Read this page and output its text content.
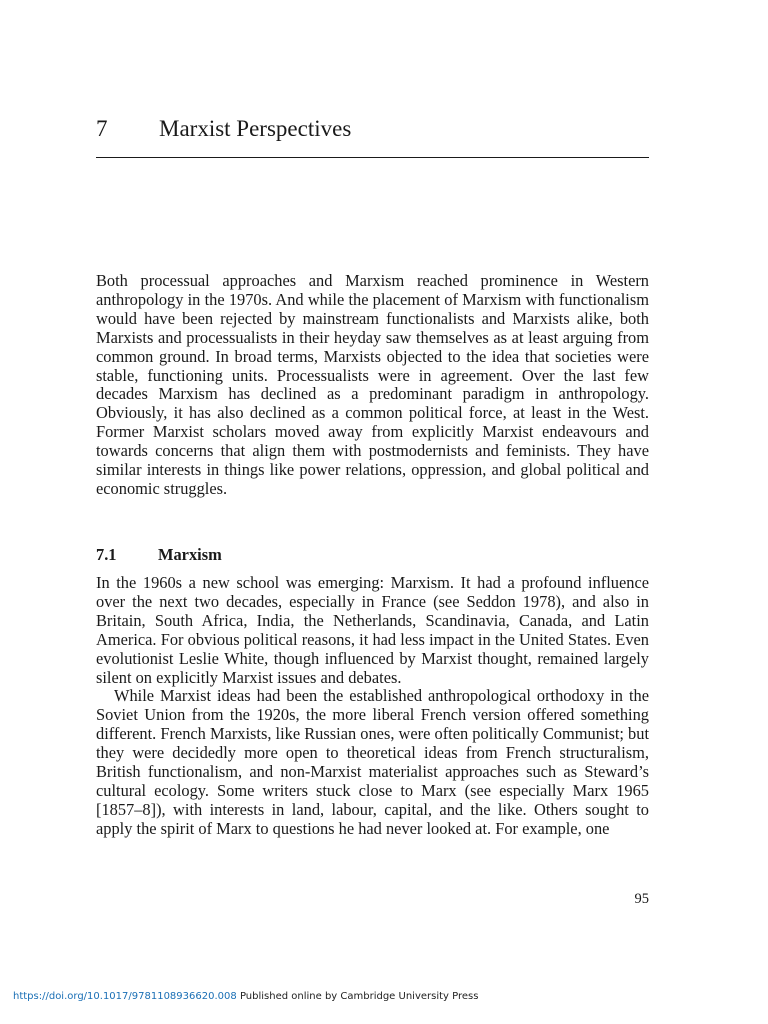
7 Marxist Perspectives

Both processual approaches and Marxism reached prominence in Western anthropology in the 1970s. And while the placement of Marxism with functionalism would have been rejected by mainstream functionalists and Marxists alike, both Marxists and processualists in their heyday saw themselves as at least arguing from common ground. In broad terms, Marxists objected to the idea that societies were stable, functioning units. Processualists were in agreement. Over the last few decades Marxism has declined as a predominant paradigm in anthropology. Obviously, it has also declined as a common political force, at least in the West. Former Marxist scholars moved away from explicitly Marxist endeavours and towards concerns that align them with postmodernists and feminists. They have similar interests in things like power relations, oppression, and global political and economic struggles.

7.1	Marxism

In the 1960s a new school was emerging: Marxism. It had a profound influence over the next two decades, especially in France (see Seddon 1978), and also in Britain, South Africa, India, the Netherlands, Scandinavia, Canada, and Latin America. For obvious political reasons, it had less impact in the United States. Even evolutionist Leslie White, though influenced by Marxist thought, remained largely silent on explicitly Marxist issues and debates.

While Marxist ideas had been the established anthropological orthodoxy in the Soviet Union from the 1920s, the more liberal French version offered something different. French Marxists, like Russian ones, were often politically Communist; but they were decidedly more open to theoretical ideas from French structuralism, British functionalism, and non-Marxist materialist approaches such as Steward’s cultural ecology. Some writers stuck close to Marx (see especially Marx 1965 [1857–8]), with interests in land, labour, capital, and the like. Others sought to apply the spirit of Marx to questions he had never looked at. For example, one

95
https://doi.org/10.1017/9781108936620.008 Published online by Cambridge University Press
